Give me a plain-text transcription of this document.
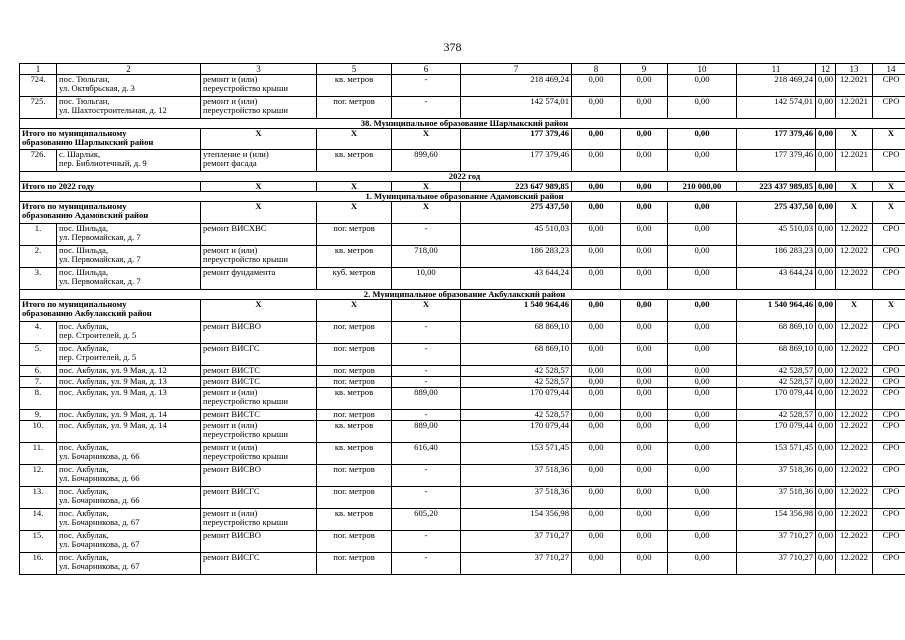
378
1	2	3	5	6	7	8	9	10	11	12	13	14
724.	пос. Тюльган,
ул. Октябрьская, д. 3	ремонт и (или)
переустройство крыши	кв. метров	-	218 469,24	0,00	0,00	0,00	218 469,24	0,00	12.2021	СРО
725.	пос. Тюльган,
ул. Шахтостроительная, д. 12	ремонт и (или)
переустройство крыши	пог. метров	-	142 574,01	0,00	0,00	0,00	142 574,01	0,00	12.2021	СРО
38. Муниципальное образование Шарлыкский район												
Итого по муниципальному
образованию Шарлыкский район		X	X	X	177 379,46	0,00	0,00	0,00	177 379,46	0,00	X	X
726.	с. Шарлык,
пер. Библиотечный, д. 9	утепление и (или)
ремонт фасада	кв. метров	899,60	177 379,46	0,00	0,00	0,00	177 379,46	0,00	12.2021	СРО
2022 год												
Итого по 2022 году		X	X	X	223 647 989,85	0,00	0,00	210 000,00	223 437 989,85	0,00	X	X
1. Муниципальное образование Адамовский район												
Итого по муниципальному
образованию Адамовский район		X	X	X	275 437,50	0,00	0,00	0,00	275 437,50	0,00	X	X
1.	пос. Шильда,
ул. Первомайская, д. 7	ремонт ВИСХВС	пог. метров	-	45 510,03	0,00	0,00	0,00	45 510,03	0,00	12.2022	СРО
2.	пос. Шильда,
ул. Первомайская, д. 7	ремонт и (или)
переустройство крыши	кв. метров	718,00	186 283,23	0,00	0,00	0,00	186 283,23	0,00	12.2022	СРО
3.	пос. Шильда,
ул. Первомайская, д. 7	ремонт фундамента	куб. метров	10,00	43 644,24	0,00	0,00	0,00	43 644,24	0,00	12.2022	СРО
2. Муниципальное образование Акбулакский район												
Итого по муниципальному
образованию Акбулакский район		X	X	X	1 540 964,46	0,00	0,00	0,00	1 540 964,46	0,00	X	X
4.	пос. Акбулак,
пер. Строителей, д. 5	ремонт ВИСВО	пог. метров	-	68 869,10	0,00	0,00	0,00	68 869,10	0,00	12.2022	СРО
5.	пос. Акбулак,
пер. Строителей, д. 5	ремонт ВИСГС	пог. метров	-	68 869,10	0,00	0,00	0,00	68 869,10	0,00	12.2022	СРО
6.	пос. Акбулак, ул. 9 Мая, д. 12	ремонт ВИСТС	пог. метров	-	42 528,57	0,00	0,00	0,00	42 528,57	0,00	12.2022	СРО
7.	пос. Акбулак, ул. 9 Мая, д. 13	ремонт ВИСТС	пог. метров	-	42 528,57	0,00	0,00	0,00	42 528,57	0,00	12.2022	СРО
8.	пос. Акбулак, ул. 9 Мая, д. 13	ремонт и (или)
переустройство крыши	кв. метров	889,00	170 079,44	0,00	0,00	0,00	170 079,44	0,00	12.2022	СРО
9.	пос. Акбулак, ул. 9 Мая, д. 14	ремонт ВИСТС	пог. метров	-	42 528,57	0,00	0,00	0,00	42 528,57	0,00	12.2022	СРО
10.	пос. Акбулак, ул. 9 Мая, д. 14	ремонт и (или)
переустройство крыши	кв. метров	889,00	170 079,44	0,00	0,00	0,00	170 079,44	0,00	12.2022	СРО
11.	пос. Акбулак,
ул. Бочарникова, д. 66	ремонт и (или)
переустройство крыши	кв. метров	616,40	153 571,45	0,00	0,00	0,00	153 571,45	0,00	12.2022	СРО
12.	пос. Акбулак,
ул. Бочарникова, д. 66	ремонт ВИСВО	пог. метров	-	37 518,36	0,00	0,00	0,00	37 518,36	0,00	12.2022	СРО
13.	пос. Акбулак,
ул. Бочарникова, д. 66	ремонт ВИСГС	пог. метров	-	37 518,36	0,00	0,00	0,00	37 518,36	0,00	12.2022	СРО
14.	пос. Акбулак,
ул. Бочарникова, д. 67	ремонт и (или)
переустройство крыши	кв. метров	605,20	154 356,98	0,00	0,00	0,00	154 356,98	0,00	12.2022	СРО
15.	пос. Акбулак,
ул. Бочарникова, д. 67	ремонт ВИСВО	пог. метров	-	37 710,27	0,00	0,00	0,00	37 710,27	0,00	12.2022	СРО
16.	пос. Акбулак,
ул. Бочарникова, д. 67	ремонт ВИСГС	пог. метров	-	37 710,27	0,00	0,00	0,00	37 710,27	0,00	12.2022	СРО
